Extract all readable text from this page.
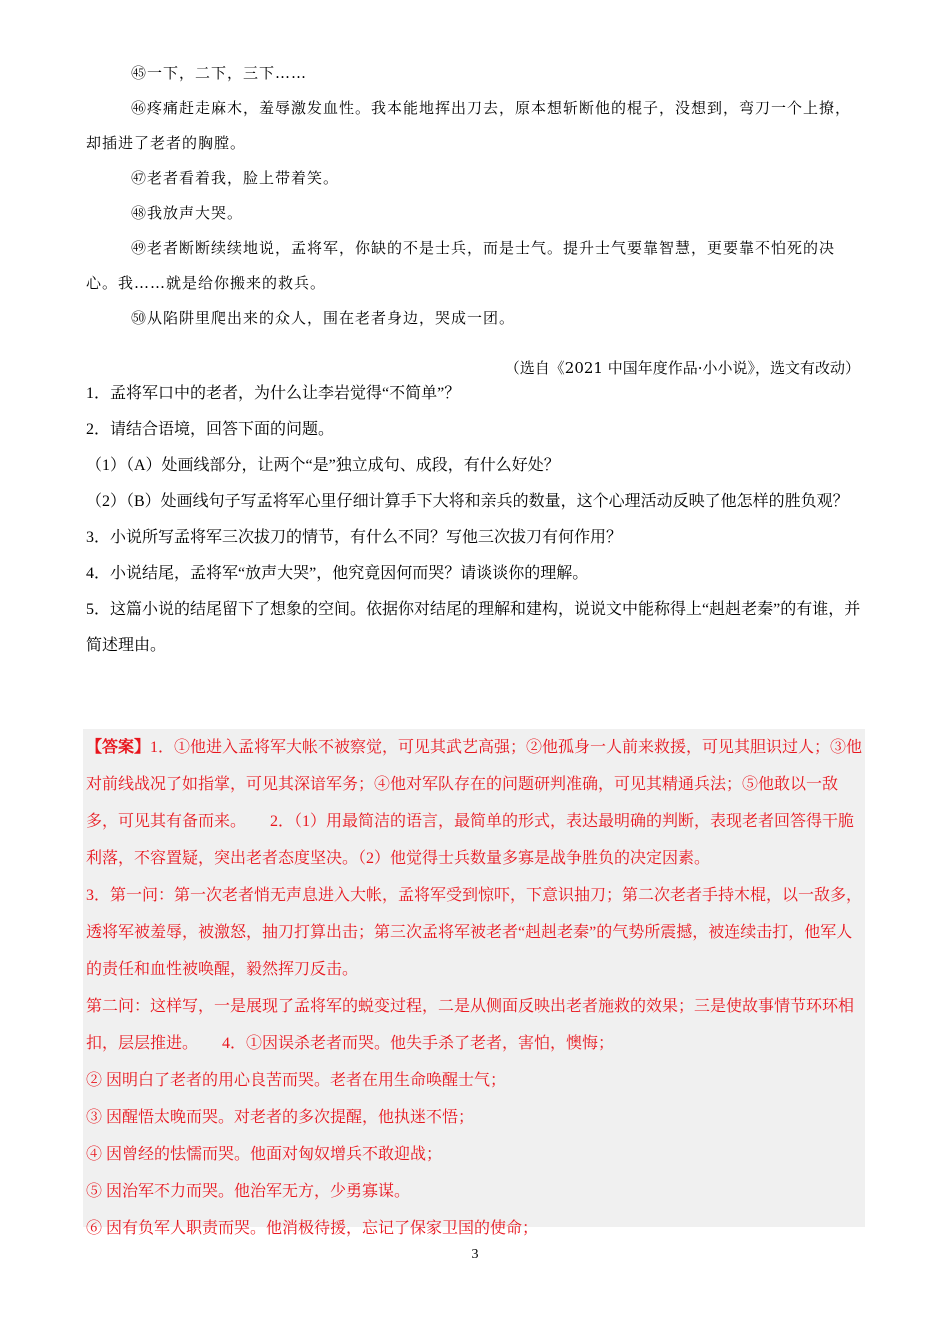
㊺一下，二下，三下……

㊻疼痛赶走麻木，羞辱激发血性。我本能地挥出刀去，原本想斩断他的棍子，没想到，弯刀一个上撩，却插进了老者的胸膛。

㊼老者看着我，脸上带着笑。

㊽我放声大哭。

㊾老者断断续续地说，孟将军，你缺的不是士兵，而是士气。提升士气要靠智慧，更要靠不怕死的决心。我……就是给你搬来的救兵。

㊿从陷阱里爬出来的众人，围在老者身边，哭成一团。

（选自《2021 中国年度作品·小小说》，选文有改动）

1．孟将军口中的老者，为什么让李岩觉得“不简单”？

2．请结合语境，回答下面的问题。

（1）（A）处画线部分，让两个“是”独立成句、成段，有什么好处？

（2）（B）处画线句子写孟将军心里仔细计算手下大将和亲兵的数量，这个心理活动反映了他怎样的胜负观？

3．小说所写孟将军三次拔刀的情节，有什么不同？写他三次拔刀有何作用？

4．小说结尾，孟将军“放声大哭”，他究竟因何而哭？请谈谈你的理解。

5．这篇小说的结尾留下了想象的空间。依据你对结尾的理解和建构，说说文中能称得上“赳赳老秦”的有谁，并简述理由。

【答案】1．①他进入孟将军大帐不被察觉，可见其武艺高强；②他孤身一人前来救援，可见其胆识过人；③他对前线战况了如指掌，可见其深谙军务；④他对军队存在的问题研判准确，可见其精通兵法；⑤他敢以一敌多，可见其有备而来。　　2．（1）用最简洁的语言，最简单的形式，表达最明确的判断，表现老者回答得干脆利落，不容置疑，突出老者态度坚决。（2）他觉得士兵数量多寡是战争胜负的决定因素。

3．第一问：第一次老者悄无声息进入大帐，孟将军受到惊吓，下意识抽刀；第二次老者手持木棍，以一敌多，透将军被羞辱，被激怒，抽刀打算出击；第三次孟将军被老者“赳赳老秦”的气势所震撼，被连续击打，他军人的责任和血性被唤醒，毅然挥刀反击。

第二问：这样写，一是展现了孟将军的蜕变过程，二是从侧面反映出老者施救的效果；三是使故事情节环环相扣，层层推进。　　4．①因误杀老者而哭。他失手杀了老者，害怕，懊悔；

② 因明白了老者的用心良苦而哭。老者在用生命唤醒士气；

③ 因醒悟太晚而哭。对老者的多次提醒，他执迷不悟；

④ 因曾经的怯懦而哭。他面对匈奴增兵不敢迎战；

⑤ 因治军不力而哭。他治军无方，少勇寡谋。

⑥ 因有负军人职责而哭。他消极待援，忘记了保家卫国的使命；

3
